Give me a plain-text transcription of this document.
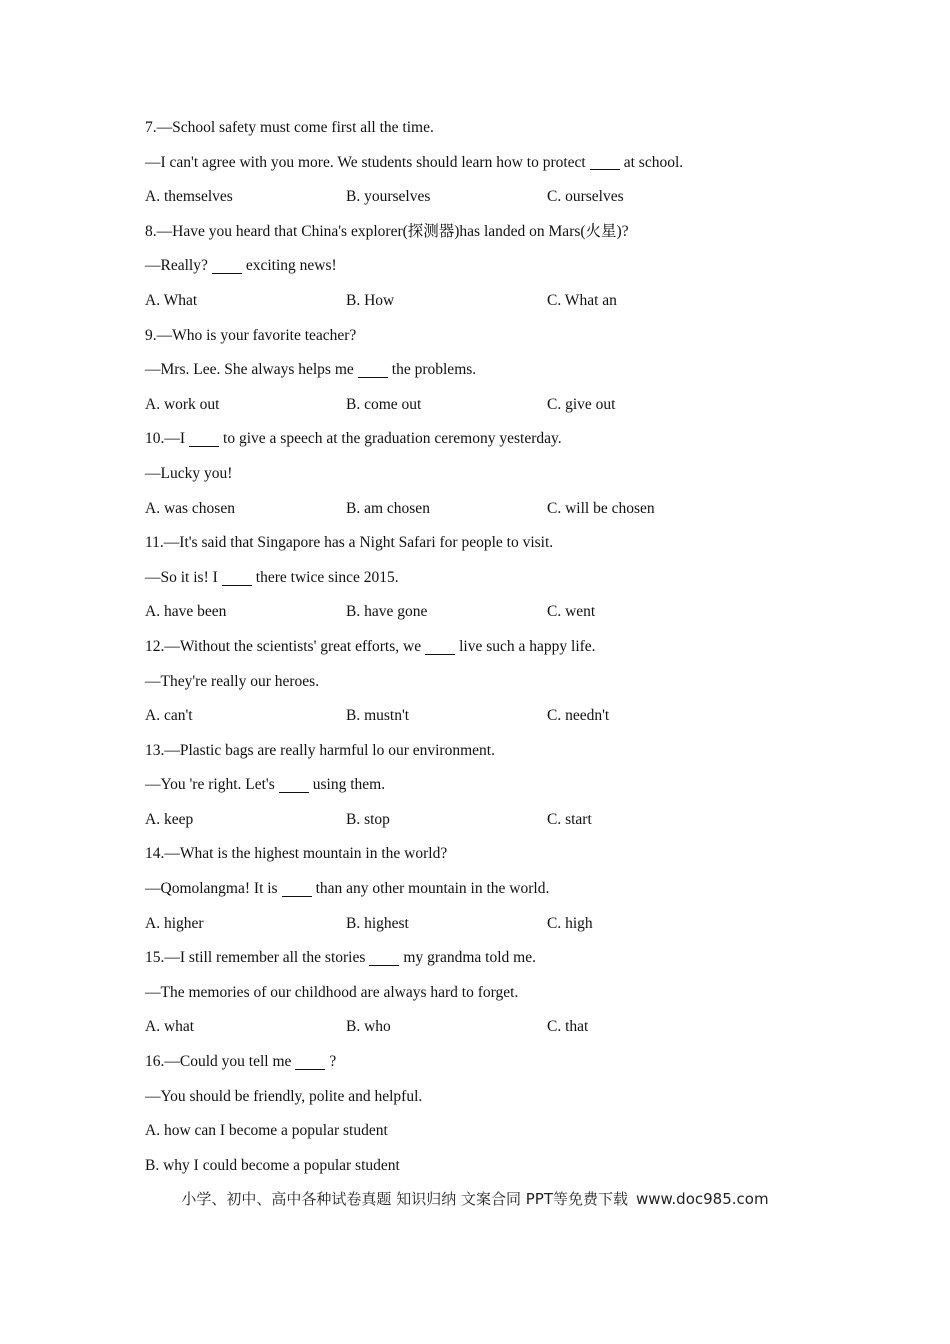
7.—School safety must come first all the time.
—I can't agree with you more. We students should learn how to protect at school.
A. themselves	B. yourselves	C. ourselves
8.—Have you heard that China's explorer(探测器)has landed on Mars(火星)?
—Really? exciting news!
A. What	B. How	C. What an
9.—Who is your favorite teacher?
—Mrs. Lee. She always helps me the problems.
A. work out	B. come out	C. give out
10.—I to give a speech at the graduation ceremony yesterday.
—Lucky you!
A. was chosen	B. am chosen	C. will be chosen
11.—It's said that Singapore has a Night Safari for people to visit.
—So it is! I there twice since 2015.
A. have been	B. have gone	C. went
12.—Without the scientists' great efforts, we live such a happy life.
—They're really our heroes.
A. can't	B. mustn't	C. needn't
13.—Plastic bags are really harmful lo our environment.
—You 're right. Let's using them.
A. keep	B. stop	C. start
14.—What is the highest mountain in the world?
—Qomolangma! It is than any other mountain in the world.
A. higher	B. highest	C. high
15.—I still remember all the stories my grandma told me.
—The memories of our childhood are always hard to forget.
A. what	B. who	C. that
16.—Could you tell me ?
—You should be friendly, polite and helpful.
A. how can I become a popular student
B. why I could become a popular student
小学、初中、高中各种试卷真题 知识归纳 文案合同 PPT等免费下载 www.doc985.com
